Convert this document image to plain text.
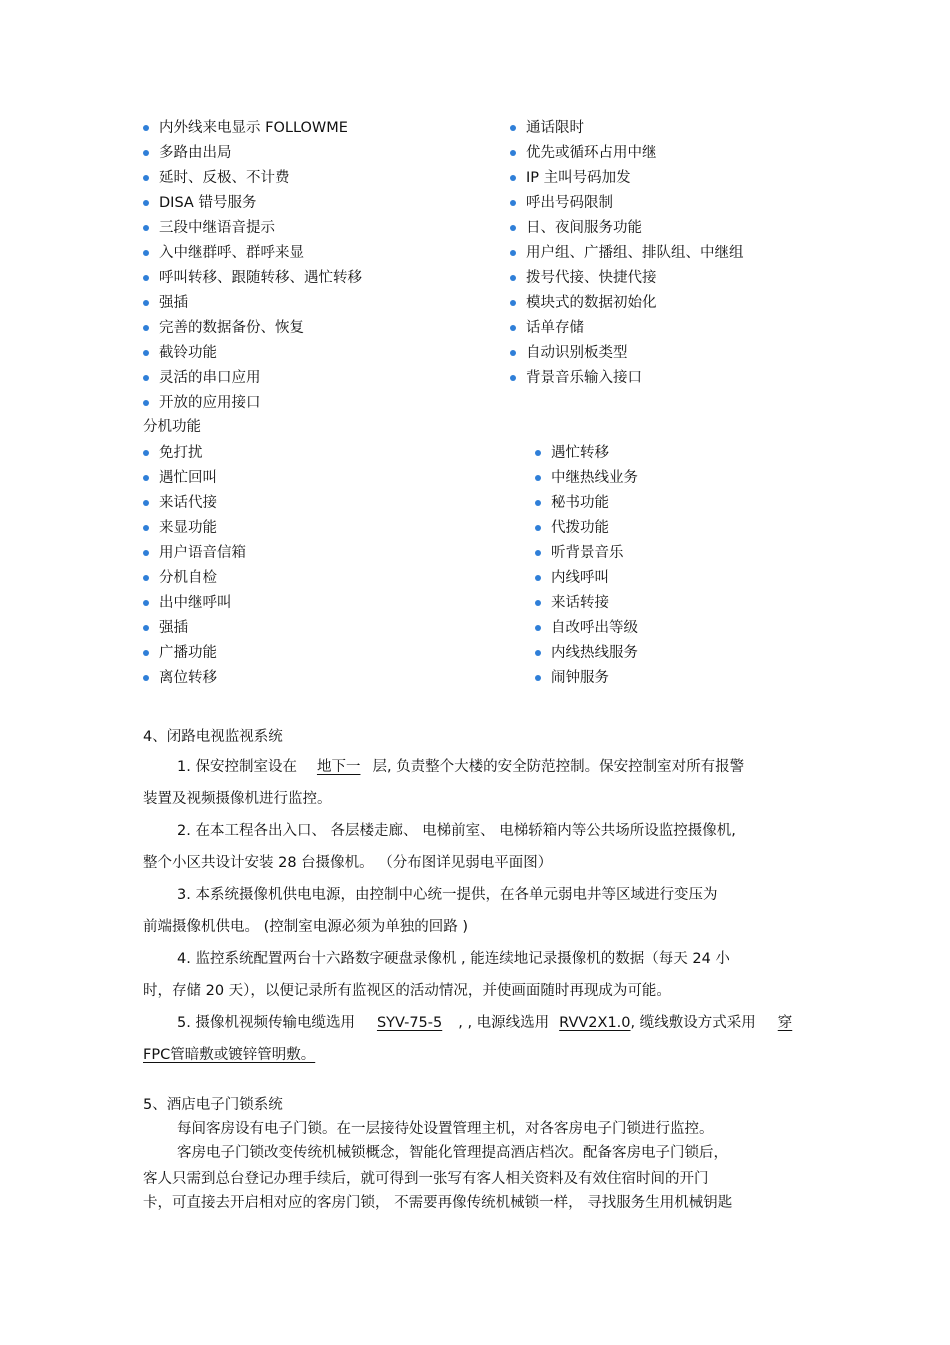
内外线来电显示 FOLLOWME
多路由出局
延时、反极、不计费
DISA 错号服务
三段中继语音提示
入中继群呼、群呼来显
呼叫转移、跟随转移、遇忙转移
强插
完善的数据备份、恢复
截铃功能
灵活的串口应用
开放的应用接口
通话限时
优先或循环占用中继
IP 主叫号码加发
呼出号码限制
日、夜间服务功能
用户组、广播组、排队组、中继组
拨号代接、快捷代接
模块式的数据初始化
话单存储
自动识别板类型
背景音乐输入接口
分机功能
免打扰
遇忙回叫
来话代接
来显功能
用户语音信箱
分机自检
出中继呼叫
强插
广播功能
离位转移
遇忙转移
中继热线业务
秘书功能
代拨功能
听背景音乐
内线呼叫
来话转接
自改呼出等级
内线热线服务
闹钟服务
4、闭路电视监视系统
1. 保安控制室设在 地下一 层, 负责整个大楼的安全防范控制。保安控制室对所有报警
装置及视频摄像机进行监控。
2. 在本工程各出入口、 各层楼走廊、 电梯前室、 电梯轿箱内等公共场所设监控摄像机,
整个小区共设计安装 28 台摄像机。 （分布图详见弱电平面图）
3. 本系统摄像机供电电源，由控制中心统一提供，在各单元弱电井等区域进行变压为
前端摄像机供电。 (控制室电源必须为单独的回路 )
4. 监控系统配置两台十六路数字硬盘录像机 , 能连续地记录摄像机的数据（每天 24 小
时，存储 20 天），以便记录所有监视区的活动情况，并使画面随时再现成为可能。
5. 摄像机视频传输电缆选用 SYV-75-5 , , 电源线选用 RVV2X1.0, 缆线敷设方式采用 穿
FPC管暗敷或镀锌管明敷。
5、酒店电子门锁系统
每间客房设有电子门锁。在一层接待处设置管理主机，对各客房电子门锁进行监控。
客房电子门锁改变传统机械锁概念，智能化管理提高酒店档次。配备客房电子门锁后，
客人只需到总台登记办理手续后，就可得到一张写有客人相关资料及有效住宿时间的开门
卡，可直接去开启相对应的客房门锁， 不需要再像传统机械锁一样， 寻找服务生用机械钥匙
